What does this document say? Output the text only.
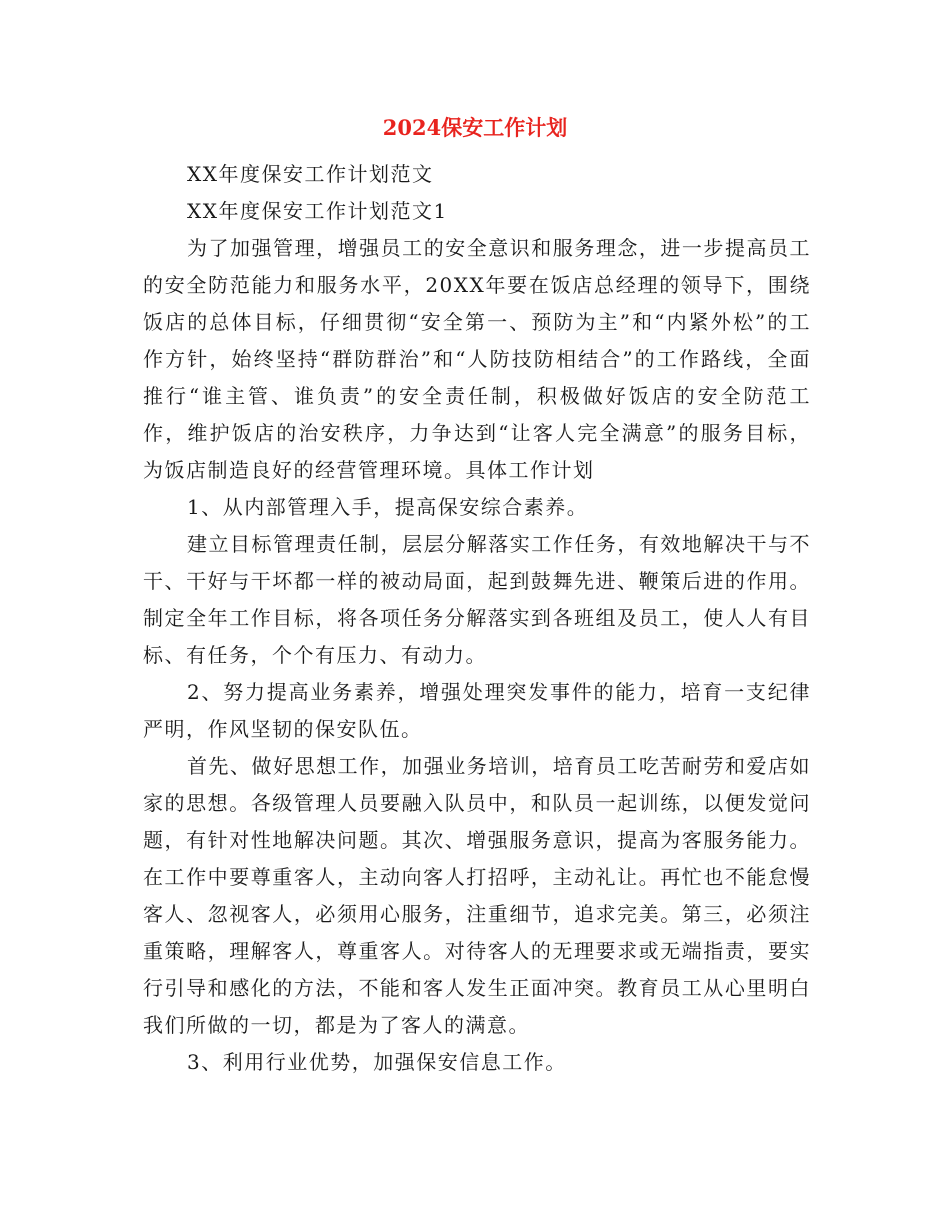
2024保安工作计划

XX年度保安工作计划范文

XX年度保安工作计划范文1

为了加强管理，增强员工的安全意识和服务理念，进一步提高员工的安全防范能力和服务水平，20XX年要在饭店总经理的领导下，围绕饭店的总体目标，仔细贯彻“安全第一、预防为主”和“内紧外松”的工作方针，始终坚持“群防群治”和“人防技防相结合”的工作路线，全面推行“谁主管、谁负责”的安全责任制，积极做好饭店的安全防范工作，维护饭店的治安秩序，力争达到“让客人完全满意”的服务目标，为饭店制造良好的经营管理环境。具体工作计划

1、从内部管理入手，提高保安综合素养。

建立目标管理责任制，层层分解落实工作任务，有效地解决干与不干、干好与干坏都一样的被动局面，起到鼓舞先进、鞭策后进的作用。制定全年工作目标，将各项任务分解落实到各班组及员工，使人人有目标、有任务，个个有压力、有动力。

2、努力提高业务素养，增强处理突发事件的能力，培育一支纪律严明，作风坚韧的保安队伍。

首先、做好思想工作，加强业务培训，培育员工吃苦耐劳和爱店如家的思想。各级管理人员要融入队员中，和队员一起训练，以便发觉问题，有针对性地解决问题。其次、增强服务意识，提高为客服务能力。在工作中要尊重客人，主动向客人打招呼，主动礼让。再忙也不能怠慢客人、忽视客人，必须用心服务，注重细节，追求完美。第三，必须注重策略，理解客人，尊重客人。对待客人的无理要求或无端指责，要实行引导和感化的方法，不能和客人发生正面冲突。教育员工从心里明白我们所做的一切，都是为了客人的满意。

3、利用行业优势，加强保安信息工作。
